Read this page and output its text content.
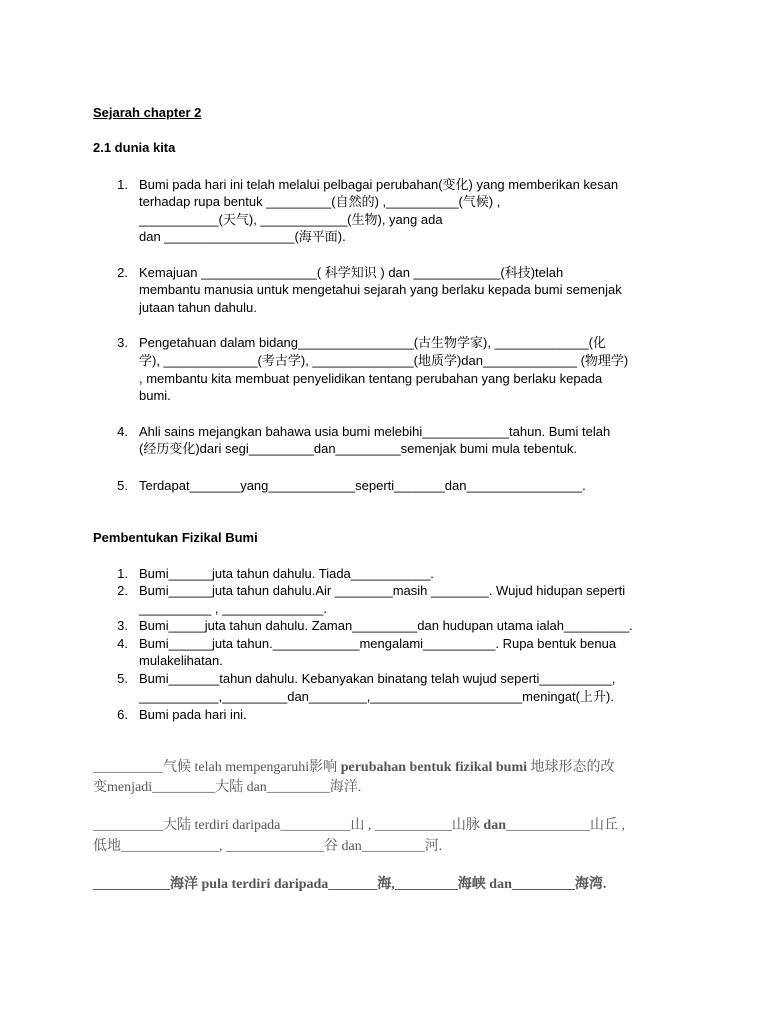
Sejarah chapter 2
2.1 dunia kita
1. Bumi pada hari ini telah melalui pelbagai perubahan(变化) yang memberikan kesan
terhadap rupa bentuk _________(自然的) ,__________(气候) ,
___________(天气), ____________(生物), yang ada
dan __________________(海平面).
2. Kemajuan ________________( 科学知识 ) dan ____________(科技)telah
membantu manusia untuk mengetahui sejarah yang berlaku kepada bumi semenjak
jutaan tahun dahulu.
3. Pengetahuan dalam bidang________________(古生物学家), _____________(化
学), _____________(考古学), ______________(地质学)dan_____________ (物理学)
, membantu kita membuat penyelidikan tentang perubahan yang berlaku kepada
bumi.
4. Ahli sains mejangkan bahawa usia bumi melebihi____________tahun. Bumi telah
(经历变化)dari segi_________dan_________semenjak bumi mula tebentuk.
5. Terdapat_______yang____________seperti_______dan________________.
Pembentukan Fizikal Bumi
1. Bumi______juta tahun dahulu. Tiada___________.
2. Bumi______juta tahun dahulu.Air ________masih ________. Wujud hidupan seperti
__________ , ______________.
3. Bumi_____juta tahun dahulu. Zaman_________dan hudupan utama ialah_________.
4. Bumi______juta tahun.____________mengalami__________. Rupa bentuk benua
mulakelihatan.
5. Bumi_______tahun dahulu. Kebanyakan binatang telah wujud seperti__________,
___________,_________dan________,_____________________meningat(上升).
6. Bumi pada hari ini.
__________气候 telah mempengaruhi影响 perubahan bentuk fizikal bumi 地球形态的改
变menjadi_________大陆 dan_________海洋.
__________大陆 terdiri daripada__________山 , ___________山脉 dan____________山丘 ,
低地______________, ______________谷 dan_________河.
___________海洋 pula terdiri daripada_______海,_________海峡 dan_________海湾.
